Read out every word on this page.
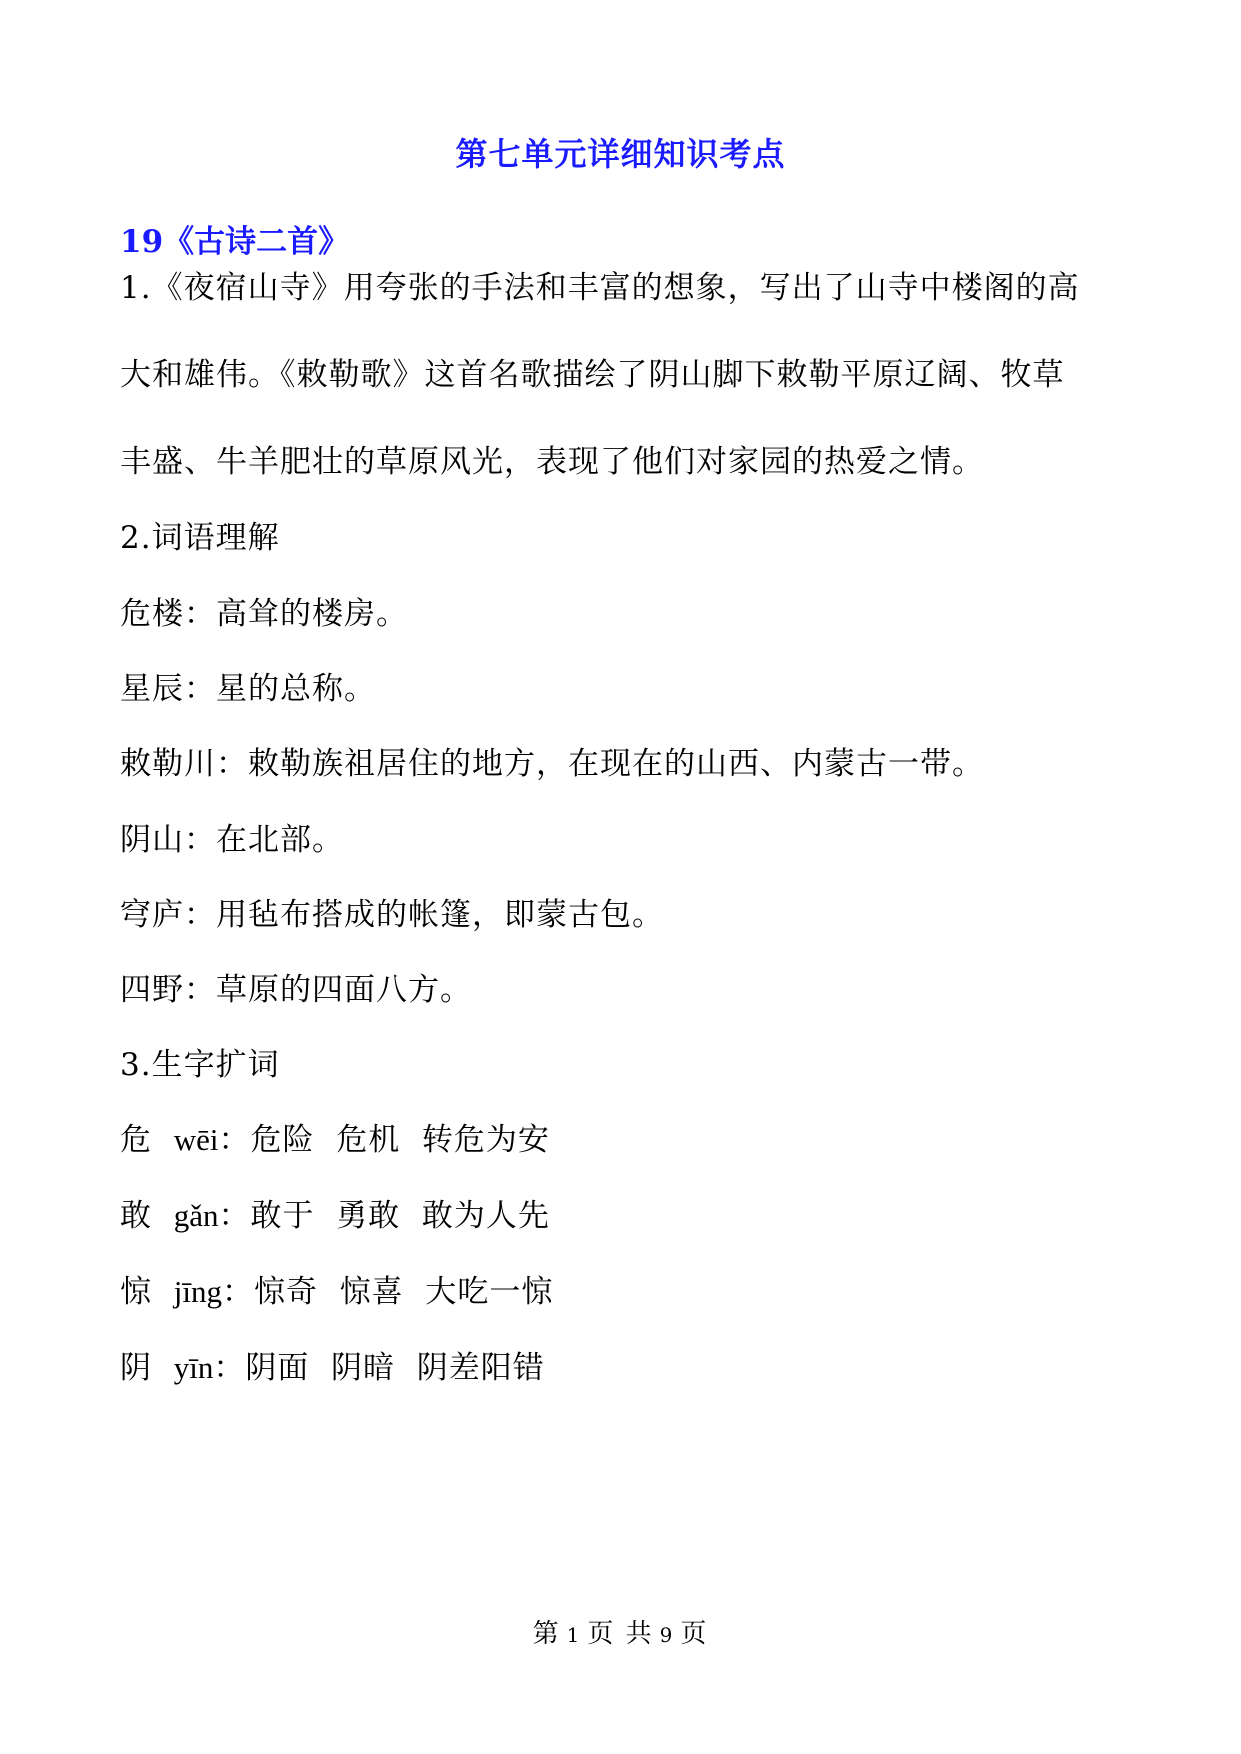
第七单元详细知识考点
19《古诗二首》
1.《夜宿山寺》用夸张的手法和丰富的想象，写出了山寺中楼阁的高
大和雄伟。《敕勒歌》这首名歌描绘了阴山脚下敕勒平原辽阔、牧草
丰盛、牛羊肥壮的草原风光，表现了他们对家园的热爱之情。
2.词语理解
危楼：高耸的楼房。
星辰：星的总称。
敕勒川：敕勒族祖居住的地方，在现在的山西、内蒙古一带。
阴山：在北部。
穹庐：用毡布搭成的帐篷，即蒙古包。
四野：草原的四面八方。
3.生字扩词
危 wēi：危险  危机  转危为安
敢 gǎn：敢于  勇敢  敢为人先
惊 jīng：惊奇  惊喜  大吃一惊
阴 yīn：阴面  阴暗  阴差阳错
第 1 页 共 9 页
